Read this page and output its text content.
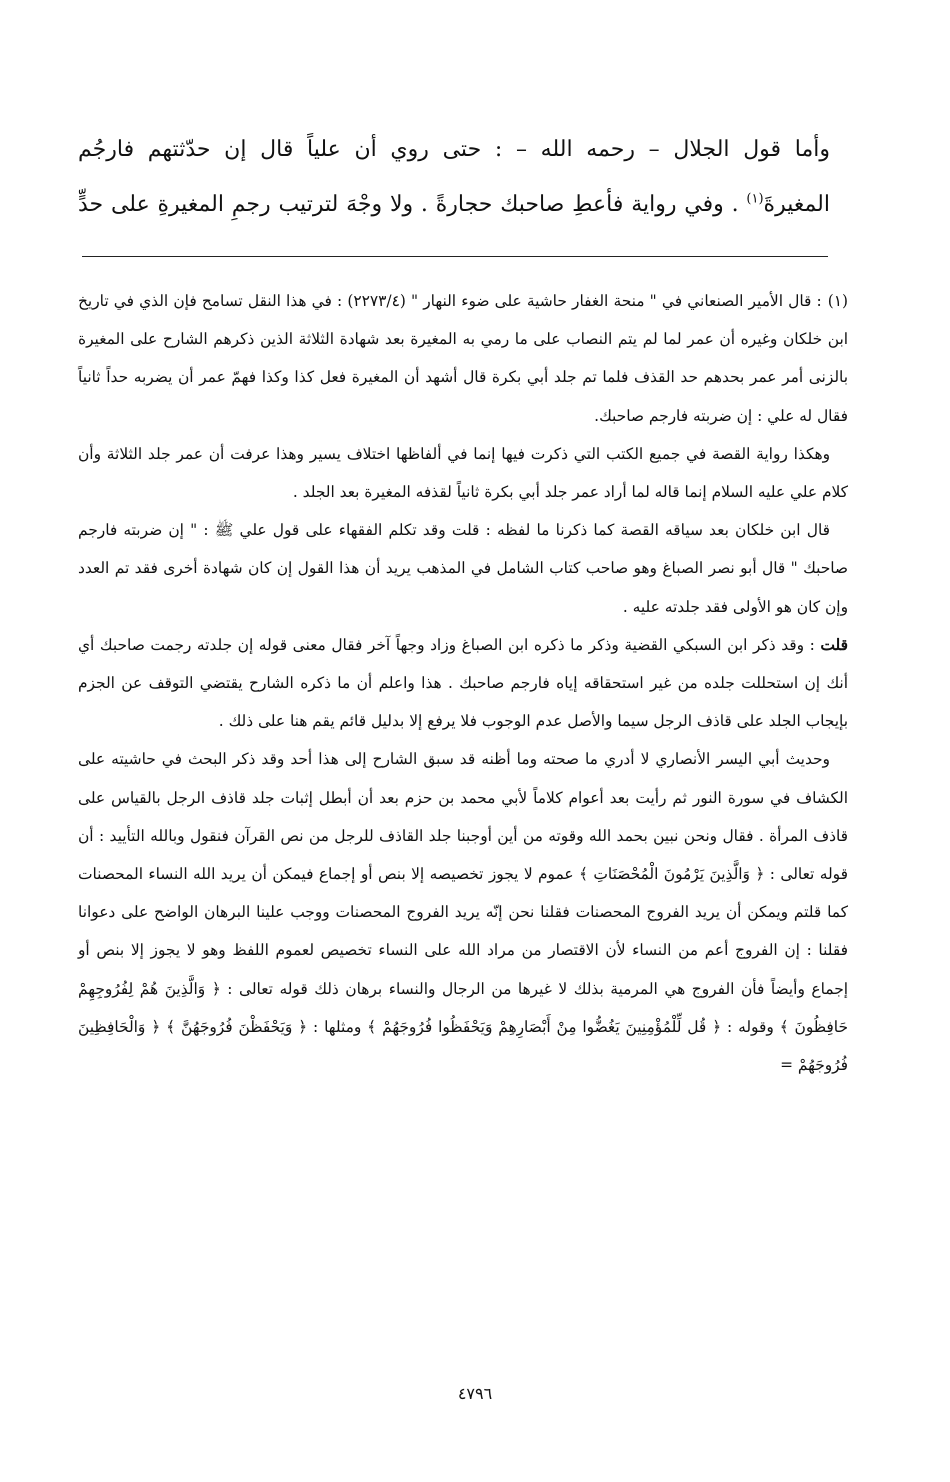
وأما قول الجلال – رحمه الله – : حتى روي أن علياً قال إن حدّثتهم فارجُم

المغيرةَ$^{(١)}$ . وفي رواية فأعطِ صاحبك حجارةً . ولا وجْهَ لترتيب رجمِ المغيرةِ على حدٍّ

(١): قال الأمير الصنعاني في " منحة الغفار حاشية على ضوء النهار " (٢٢٧٣/٤) : في هذا النقل تسامح فإن الذي في تاريخ ابن خلكان وغيره أن عمر لما لم يتم النصاب على ما رمي به المغيرة بعد شهادة الثلاثة الذين ذكرهم الشارح على المغيرة بالزنى أمر عمر بحدهم حد القذف فلما تم جلد أبي بكرة قال أشهد أن المغيرة فعل كذا وكذا فهمّ عمر أن يضربه حداً ثانياً فقال له علي : إن ضربته فارجم صاحبك.

وهكذا رواية القصة في جميع الكتب التي ذكرت فيها إنما في ألفاظها اختلاف يسير وهذا عرفت أن عمر جلد الثلاثة وأن كلام علي عليه السلام إنما قاله لما أراد عمر جلد أبي بكرة ثانياً لقذفه المغيرة بعد الجلد .

قال ابن خلكان بعد سياقه القصة كما ذكرنا ما لفظه : قلت وقد تكلم الفقهاء على قول علي ﷺ : " إن ضربته فارجم صاحبك " قال أبو نصر الصباغ وهو صاحب كتاب الشامل في المذهب يريد أن هذا القول إن كان شهادة أخرى فقد تم العدد وإن كان هو الأولى فقد جلدته عليه .

قلت : وقد ذكر ابن السبكي القضية وذكر ما ذكره ابن الصباغ وزاد وجهاً آخر فقال معنى قوله إن جلدته رجمت صاحبك أي أنك إن استحللت جلده من غير استحقاقه إياه فارجم صاحبك . هذا واعلم أن ما ذكره الشارح يقتضي التوقف عن الجزم بإيجاب الجلد على قاذف الرجل سيما والأصل عدم الوجوب فلا يرفع إلا بدليل قائم يقم هنا على ذلك .

وحديث أبي اليسر الأنصاري لا أدري ما صحته وما أظنه قد سبق الشارح إلى هذا أحد وقد ذكر البحث في حاشيته على الكشاف في سورة النور ثم رأيت بعد أعوام كلاماً لأبي محمد بن حزم بعد أن أبطل إثبات جلد قاذف الرجل بالقياس على قاذف المرأة . فقال ونحن نبين بحمد الله وقوته من أين أوجبنا جلد القاذف للرجل من نص القرآن فنقول وبالله التأييد : أن قوله تعالى : ﴿ وَالَّذِينَ يَرْمُونَ الْمُحْصَنَاتِ ﴾ عموم لا يجوز تخصيصه إلا بنص أو إجماع فيمكن أن يريد الله النساء المحصنات كما قلتم ويمكن أن يريد الفروج المحصنات فقلنا نحن إنّه يريد الفروج المحصنات ووجب علينا البرهان الواضح على دعوانا فقلنا : إن الفروج أعم من النساء لأن الاقتصار من مراد الله على النساء تخصيص لعموم اللفظ وهو لا يجوز إلا بنص أو إجماع وأيضاً فأن الفروج هي المرمية بذلك لا غيرها من الرجال والنساء برهان ذلك قوله تعالى : ﴿ وَالَّذِينَ هُمْ لِفُرُوجِهِمْ حَافِظُونَ ﴾ وقوله : ﴿ قُل لِّلْمُؤْمِنِينَ يَغُضُّوا مِنْ أَبْصَارِهِمْ وَيَحْفَظُوا فُرُوجَهُمْ ﴾ ومثلها : ﴿ وَيَحْفَظْنَ فُرُوجَهُنَّ ﴾ ﴿ وَالْحَافِظِينَ فُرُوجَهُمْ =

٤٧٩٦
